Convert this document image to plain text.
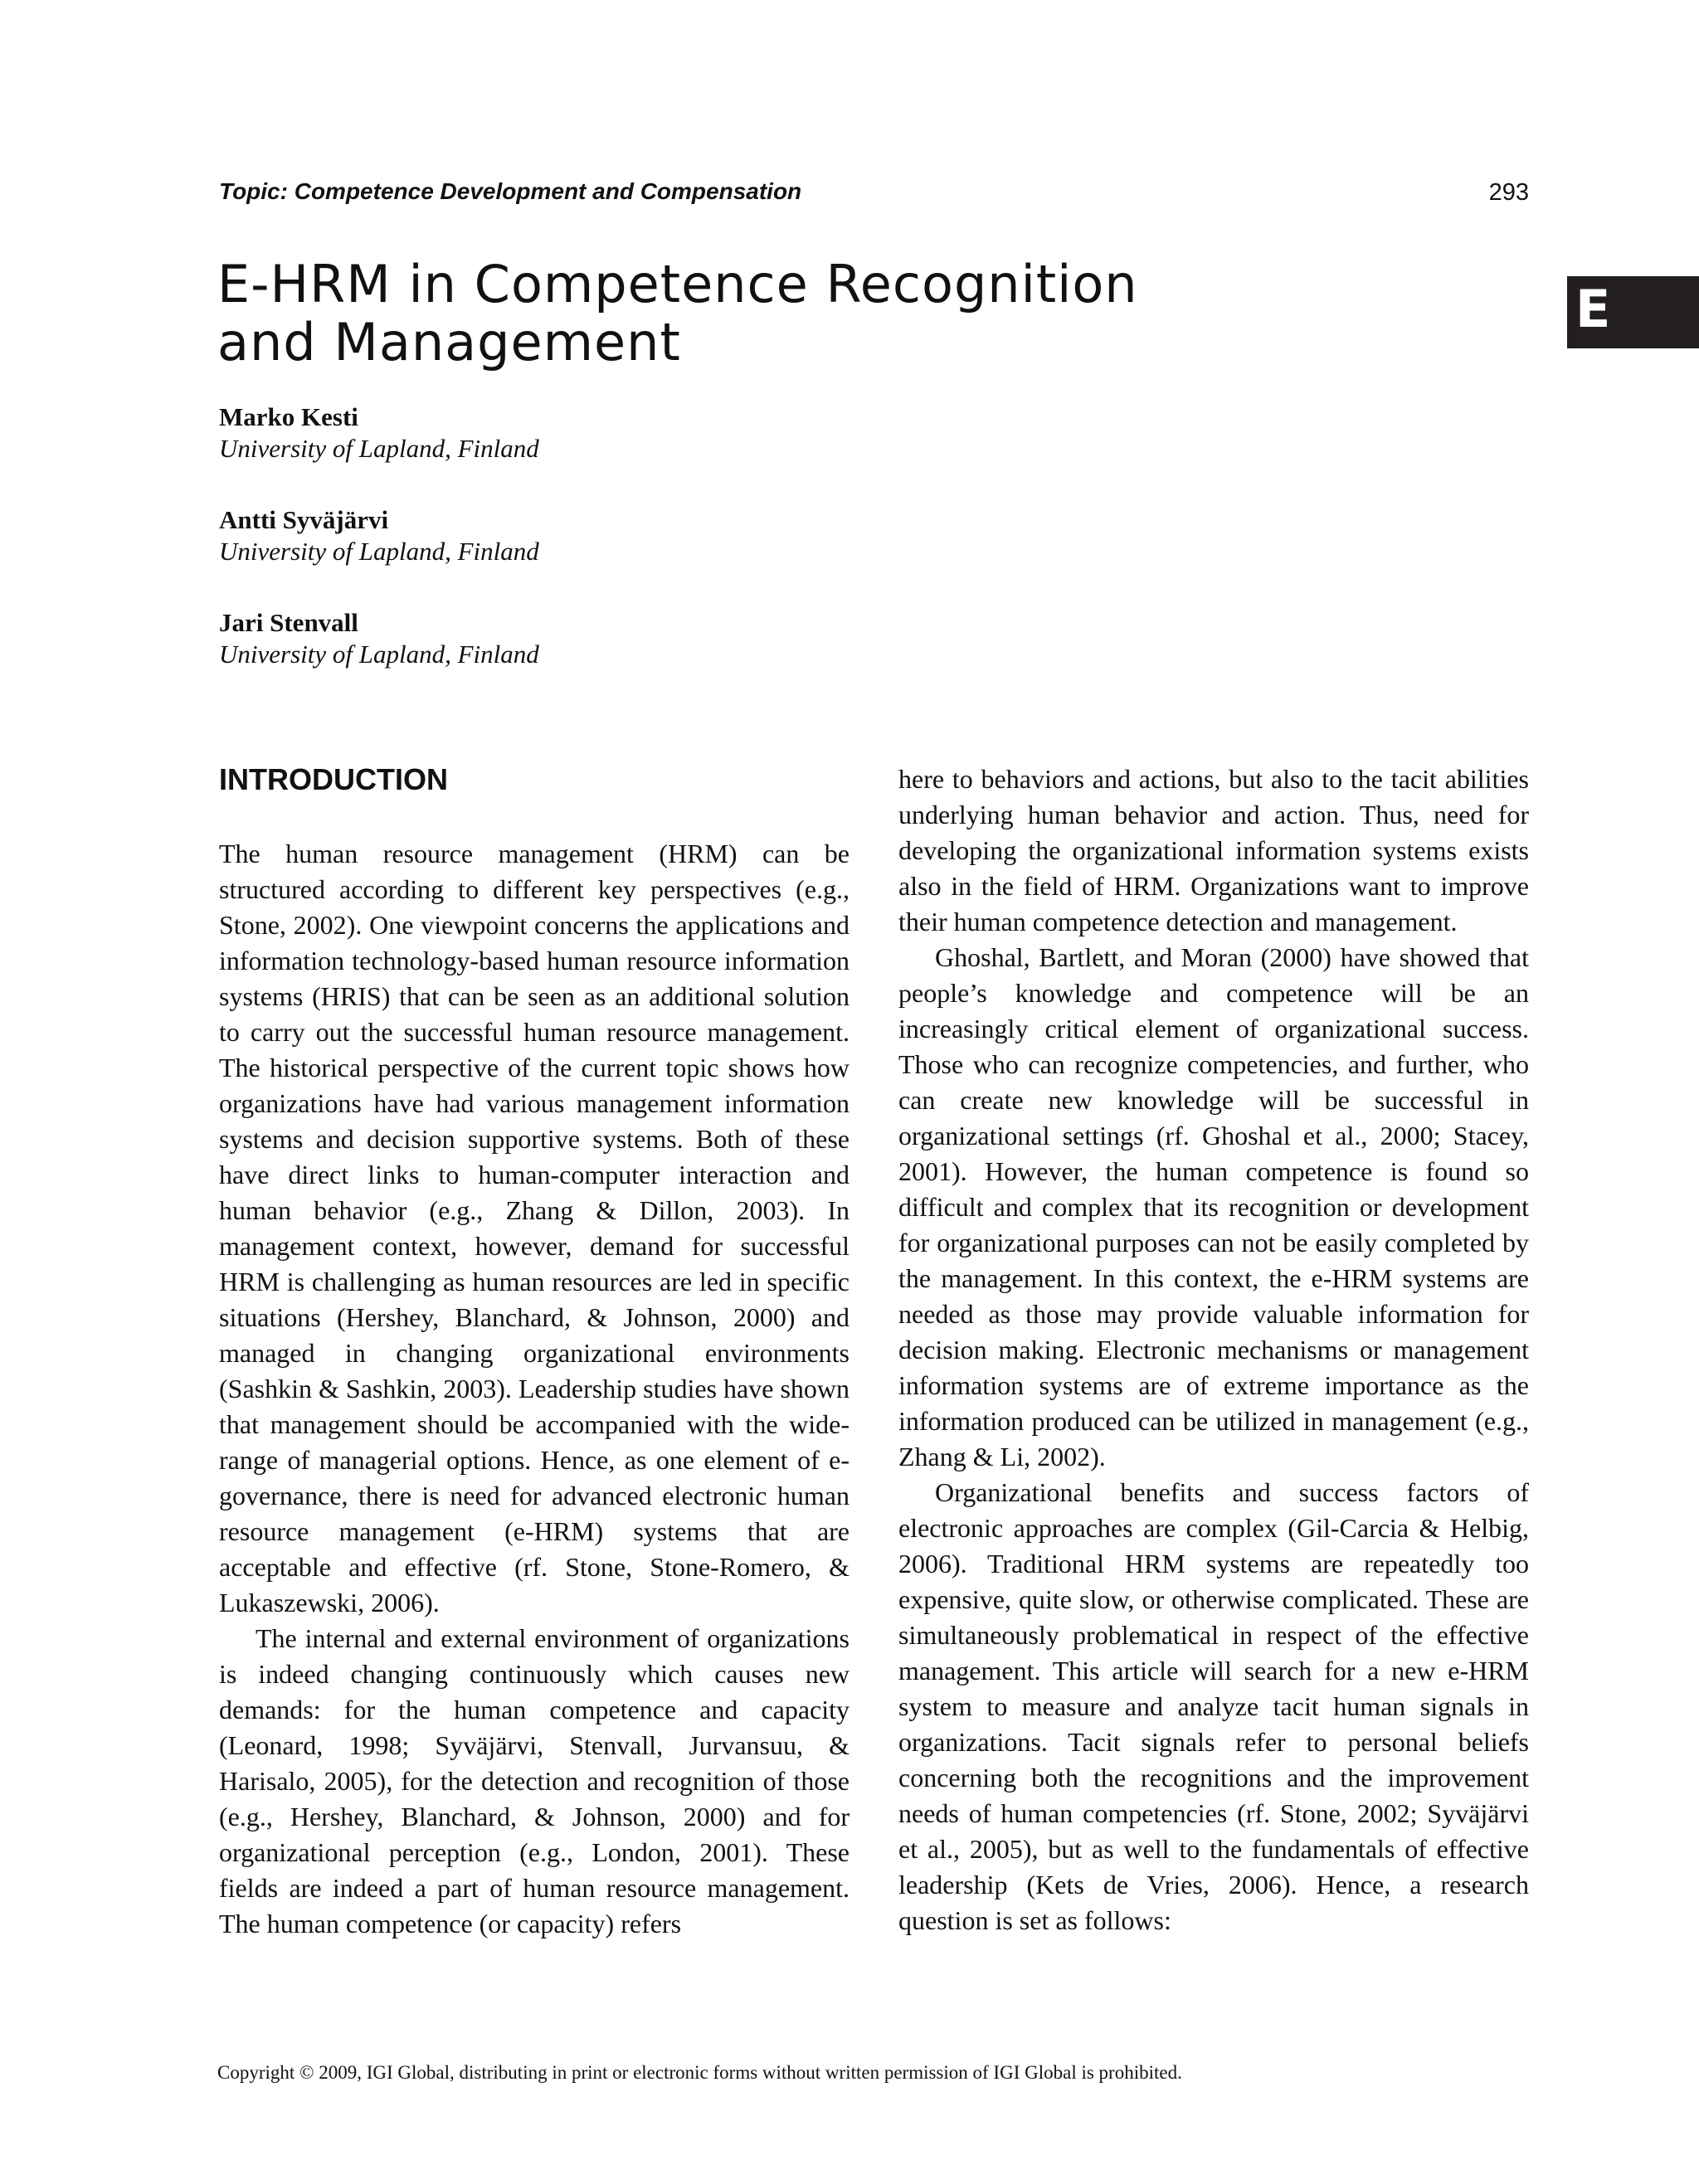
Topic: Competence Development and Compensation	293
E
E-HRM in Competence Recognition
and Management
Marko Kesti
University of Lapland, Finland
Antti Syväjärvi
University of Lapland, Finland
Jari Stenvall
University of Lapland, Finland
INTRODUCTION

The human resource management (HRM) can be structured according to different key perspectives (e.g., Stone, 2002). One viewpoint concerns the applications and information technology-based human resource information systems (HRIS) that can be seen as an additional solution to carry out the successful human resource management. The historical perspective of the current topic shows how organizations have had various management information systems and decision supportive systems. Both of these have direct links to human-computer interaction and human behavior (e.g., Zhang & Dillon, 2003). In management context, however, demand for successful HRM is challenging as human resources are led in specific situations (Hershey, Blanchard, & Johnson, 2000) and managed in changing organizational environments (Sashkin & Sashkin, 2003). Leadership studies have shown that management should be accompanied with the wide-range of managerial options. Hence, as one element of e-governance, there is need for advanced electronic human resource management (e-HRM) systems that are acceptable and effective (rf. Stone, Stone-Romero, & Lukaszewski, 2006).

The internal and external environment of organizations is indeed changing continuously which causes new demands: for the human competence and capacity (Leonard, 1998; Syväjärvi, Stenvall, Jurvansuu, & Harisalo, 2005), for the detection and recognition of those (e.g., Hershey, Blanchard, & Johnson, 2000) and for organizational perception (e.g., London, 2001). These fields are indeed a part of human resource management. The human competence (or capacity) refers

here to behaviors and actions, but also to the tacit abilities underlying human behavior and action. Thus, need for developing the organizational information systems exists also in the field of HRM. Organizations want to improve their human competence detection and management.

Ghoshal, Bartlett, and Moran (2000) have showed that people’s knowledge and competence will be an increasingly critical element of organizational success. Those who can recognize competencies, and further, who can create new knowledge will be successful in organizational settings (rf. Ghoshal et al., 2000; Stacey, 2001). However, the human competence is found so difficult and complex that its recognition or development for organizational purposes can not be easily completed by the management. In this context, the e-HRM systems are needed as those may provide valuable information for decision making. Electronic mechanisms or management information systems are of extreme importance as the information produced can be utilized in management (e.g., Zhang & Li, 2002).

Organizational benefits and success factors of electronic approaches are complex (Gil-Carcia & Helbig, 2006). Traditional HRM systems are repeatedly too expensive, quite slow, or otherwise complicated. These are simultaneously problematical in respect of the effective management. This article will search for a new e-HRM system to measure and analyze tacit human signals in organizations. Tacit signals refer to personal beliefs concerning both the recognitions and the improvement needs of human competencies (rf. Stone, 2002; Syväjärvi et al., 2005), but as well to the fundamentals of effective leadership (Kets de Vries, 2006). Hence, a research question is set as follows:

Copyright © 2009, IGI Global, distributing in print or electronic forms without written permission of IGI Global is prohibited.
